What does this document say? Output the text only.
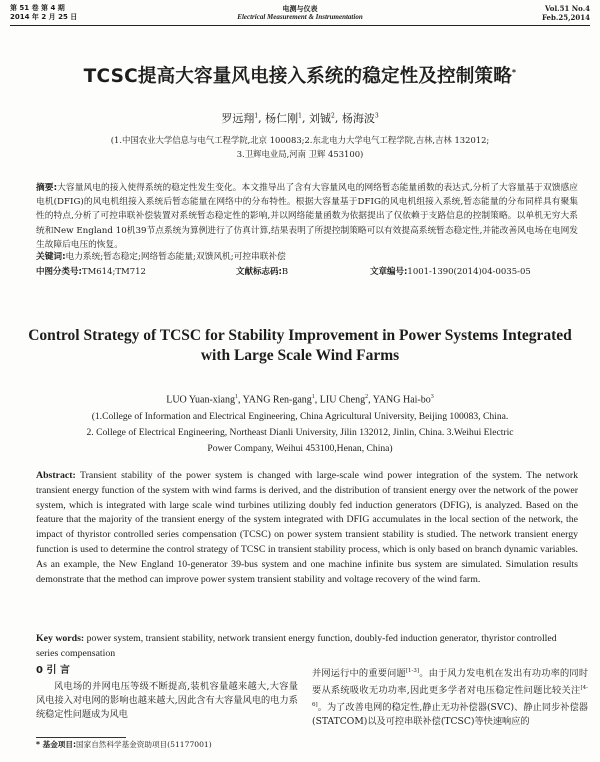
第 51 卷 第 4 期
2014 年 2 月 25 日
电测与仪表
Electrical Measurement & Instrumentation
Vol.51 No.4
Feb.25,2014
TCSC提高大容量风电接入系统的稳定性及控制策略*
罗远翔$^1$, 杨仁刚$^1$, 刘铖$^2$, 杨海波$^3$
(1.中国农业大学信息与电气工程学院,北京 100083;2.东北电力大学电气工程学院,吉林,吉林 132012;
3.卫辉电业局,河南 卫辉 453100)
摘要:大容量风电的接入使得系统的稳定性发生变化。本文推导出了含有大容量风电的网络暂态能量函数的表达式,分析了大容量基于双馈感应电机(DFIG)的风电机组接入系统后暂态能量在网络中的分布特性。根据大容量基于DFIG的风电机组接入系统,暂态能量的分布同样具有聚集性的特点,分析了可控串联补偿装置对系统暂态稳定性的影响,并以网络能量函数为依据提出了仅依赖于支路信息的控制策略。以单机无穷大系统和New England 10机39节点系统为算例进行了仿真计算,结果表明了所提控制策略可以有效提高系统暂态稳定性,并能改善风电场在电网发生故障后电压的恢复。
关键词:电力系统;暂态稳定;网络暂态能量;双馈风机;可控串联补偿
中图分类号:TM614;TM712	文献标志码:B	文章编号:1001-1390(2014)04-0035-05
Control Strategy of TCSC for Stability Improvement in Power Systems Integrated
with Large Scale Wind Farms
LUO Yuan-xiang$^1$, YANG Ren-gang$^1$, LIU Cheng$^2$, YANG Hai-$bo^3$
(1.College of Information and Electrical Engineering, China Agricultural University, Beijing 100083, China.
2. College of Electrical Engineering, Northeast Dianli University, Jilin 132012, Jinlin, China. 3.Weihui Electric
Power Company, Weihui 453100,Henan, China)
Abstract: Transient stability of the power system is changed with large-scale wind power integration of the system. The network transient energy function of the system with wind farms is derived, and the distribution of transient energy over the network of the power system, which is integrated with large scale wind turbines utilizing doubly fed induction generators (DFIG), is analyzed. Based on the feature that the majority of the transient energy of the system integrated with DFIG accumulates in the local section of the network, the impact of thyristor controlled series compensation (TCSC) on power system transient stability is studied. The network transient energy function is used to determine the control strategy of TCSC in transient stability process, which is only based on branch dynamic variables. As an example, the New England 10-generator 39-bus system and one machine infinite bus system are simulated. Simulation results demonstrate that the method can improve power system transient stability and voltage recovery of the wind farm.
Key words: power system, transient stability, network transient energy function, doubly-fed induction generator, thyristor controlled series compensation
0 引 言
风电场的并网电压等级不断提高,装机容量越来越大,大容量风电接入对电网的影响也越来越大,因此含有大容量风电的电力系统稳定性问题成为风电
并网运行中的重要问题[1-3]。由于风力发电机在发出有功功率的同时要从系统吸收无功功率,因此更多学者对电压稳定性问题比较关注[4-6]。为了改善电网的稳定性,静止无功补偿器(SVC)、静止同步补偿器(STATCOM)以及可控串联补偿(TCSC)等快速响应的
* 基金项目:国家自然科学基金资助项目(51177001)
